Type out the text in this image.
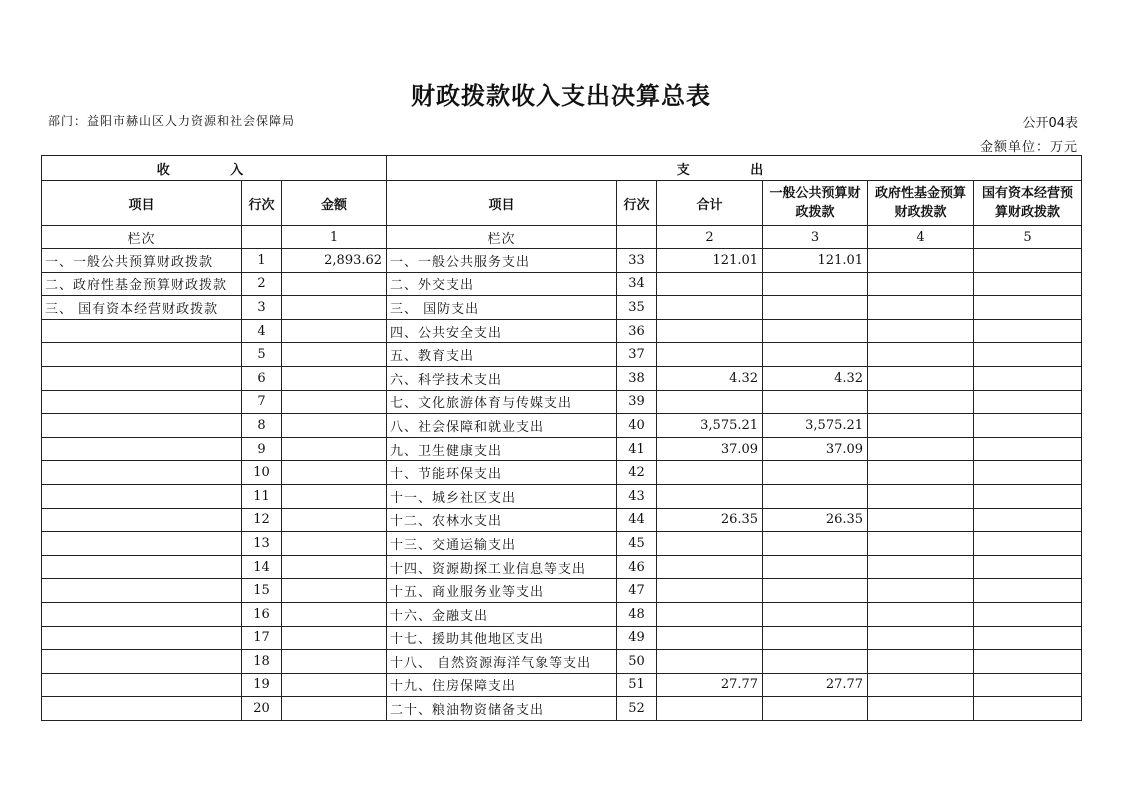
财政拨款收入支出决算总表
部门：益阳市赫山区人力资源和社会保障局	公开04表
金额单位：万元
收 入			支 出					
项目	行次	金额	项目	行次	合计	一般公共预算财政拨款	政府性基金预算财政拨款	国有资本经营预算财政拨款
栏次		1	栏次		2	3	4	5
一、一般公共预算财政拨款	1	2,893.62	一、一般公共服务支出	33	121.01	121.01		
二、政府性基金预算财政拨款	2		二、外交支出	34				
三、 国有资本经营财政拨款	3		三、 国防支出	35				
	4		四、公共安全支出	36				
	5		五、教育支出	37				
	6		六、科学技术支出	38	4.32	4.32		
	7		七、文化旅游体育与传媒支出	39				
	8		八、社会保障和就业支出	40	3,575.21	3,575.21		
	9		九、卫生健康支出	41	37.09	37.09		
	10		十、节能环保支出	42				
	11		十一、城乡社区支出	43				
	12		十二、农林水支出	44	26.35	26.35		
	13		十三、交通运输支出	45				
	14		十四、资源勘探工业信息等支出	46				
	15		十五、商业服务业等支出	47				
	16		十六、金融支出	48				
	17		十七、援助其他地区支出	49				
	18		十八、 自然资源海洋气象等支出	50				
	19		十九、住房保障支出	51	27.77	27.77		
	20		二十、粮油物资储备支出	52				
